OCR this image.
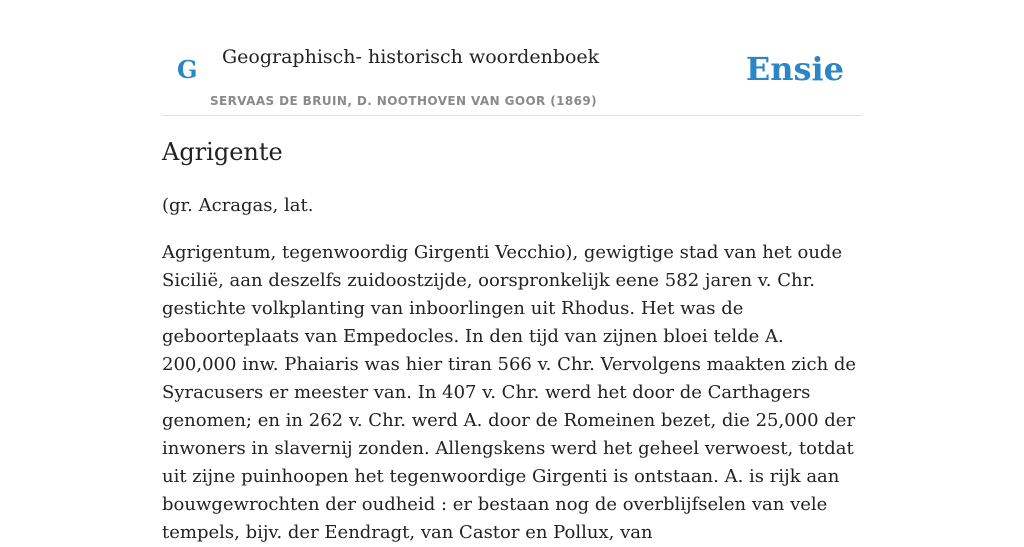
G Geographisch- historisch woordenboek
SERVAAS DE BRUIN, D. NOOTHOVEN VAN GOOR (1869)
Ensie
Agrigente

(gr. Acragas, lat.

Agrigentum, tegenwoordig Girgenti Vecchio), gewigtige stad van het oude Sicilië, aan deszelfs zuidoostzijde, oorspronkelijk eene 582 jaren v. Chr. gestichte volkplanting van inboorlingen uit Rhodus. Het was de geboorteplaats van Empedocles. In den tijd van zijnen bloei telde A. 200,000 inw. Phaiaris was hier tiran 566 v. Chr. Vervolgens maakten zich de Syracusers er meester van. In 407 v. Chr. werd het door de Carthagers genomen; en in 262 v. Chr. werd A. door de Romeinen bezet, die 25,000 der inwoners in slavernij zonden. Allengskens werd het geheel verwoest, totdat uit zijne puinhoopen het tegenwoordige Girgenti is ontstaan. A. is rijk aan bouwgewrochten der oudheid : er bestaan nog de overblijfselen van vele tempels, bijv. der Eendragt, van Castor en Pollux, van
